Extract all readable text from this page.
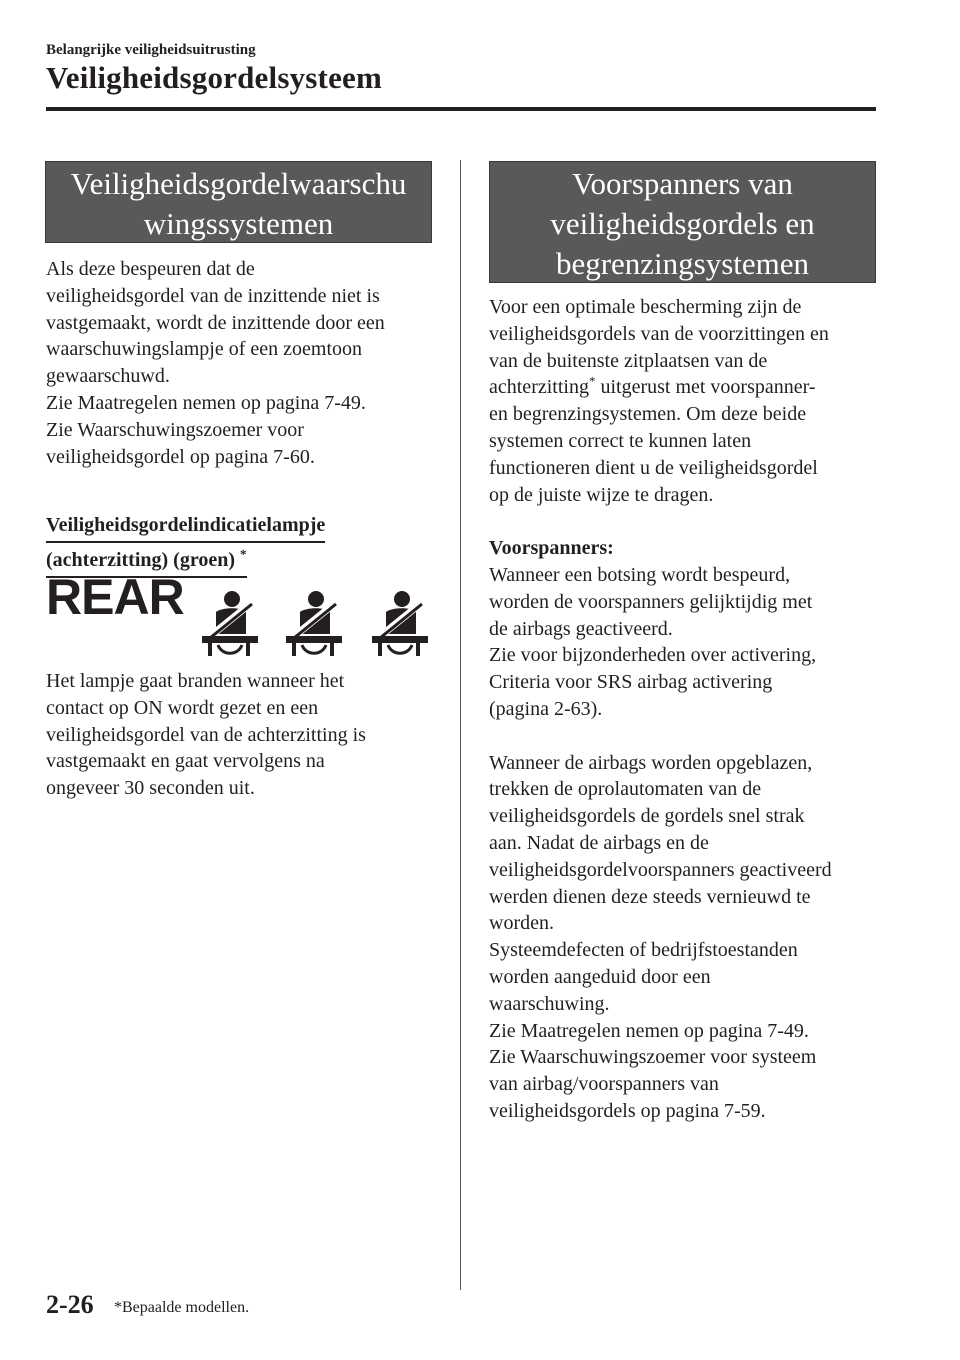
Belangrijke veiligheidsuitrusting
Veiligheidsgordelsysteem
Veiligheidsgordelwaarschu
wingssystemen
Als deze bespeuren dat de
veiligheidsgordel van de inzittende niet is
vastgemaakt, wordt de inzittende door een
waarschuwingslampje of een zoemtoon
gewaarschuwd.
Zie Maatregelen nemen op pagina 7-49.
Zie Waarschuwingszoemer voor
veiligheidsgordel op pagina 7-60.
Veiligheidsgordelindicatielampje
(achterzitting) (groen) *
REAR
Het lampje gaat branden wanneer het
contact op ON wordt gezet en een
veiligheidsgordel van de achterzitting is
vastgemaakt en gaat vervolgens na
ongeveer 30 seconden uit.
Voorspanners van
veiligheidsgordels en
begrenzingsystemen
Voor een optimale bescherming zijn de
veiligheidsgordels van de voorzittingen en
van de buitenste zitplaatsen van de
achterzitting* uitgerust met voorspanner-
en begrenzingsystemen. Om deze beide
systemen correct te kunnen laten
functioneren dient u de veiligheidsgordel
op de juiste wijze te dragen.
Voorspanners:
Wanneer een botsing wordt bespeurd,
worden de voorspanners gelijktijdig met
de airbags geactiveerd.
Zie voor bijzonderheden over activering,
Criteria voor SRS airbag activering
(pagina 2-63).
Wanneer de airbags worden opgeblazen,
trekken de oprolautomaten van de
veiligheidsgordels de gordels snel strak
aan. Nadat de airbags en de
veiligheidsgordelvoorspanners geactiveerd
werden dienen deze steeds vernieuwd te
worden.
Systeemdefecten of bedrijfstoestanden
worden aangeduid door een
waarschuwing.
Zie Maatregelen nemen op pagina 7-49.
Zie Waarschuwingszoemer voor systeem
van airbag/voorspanners van
veiligheidsgordels op pagina 7-59.
2-26 *Bepaalde modellen.
